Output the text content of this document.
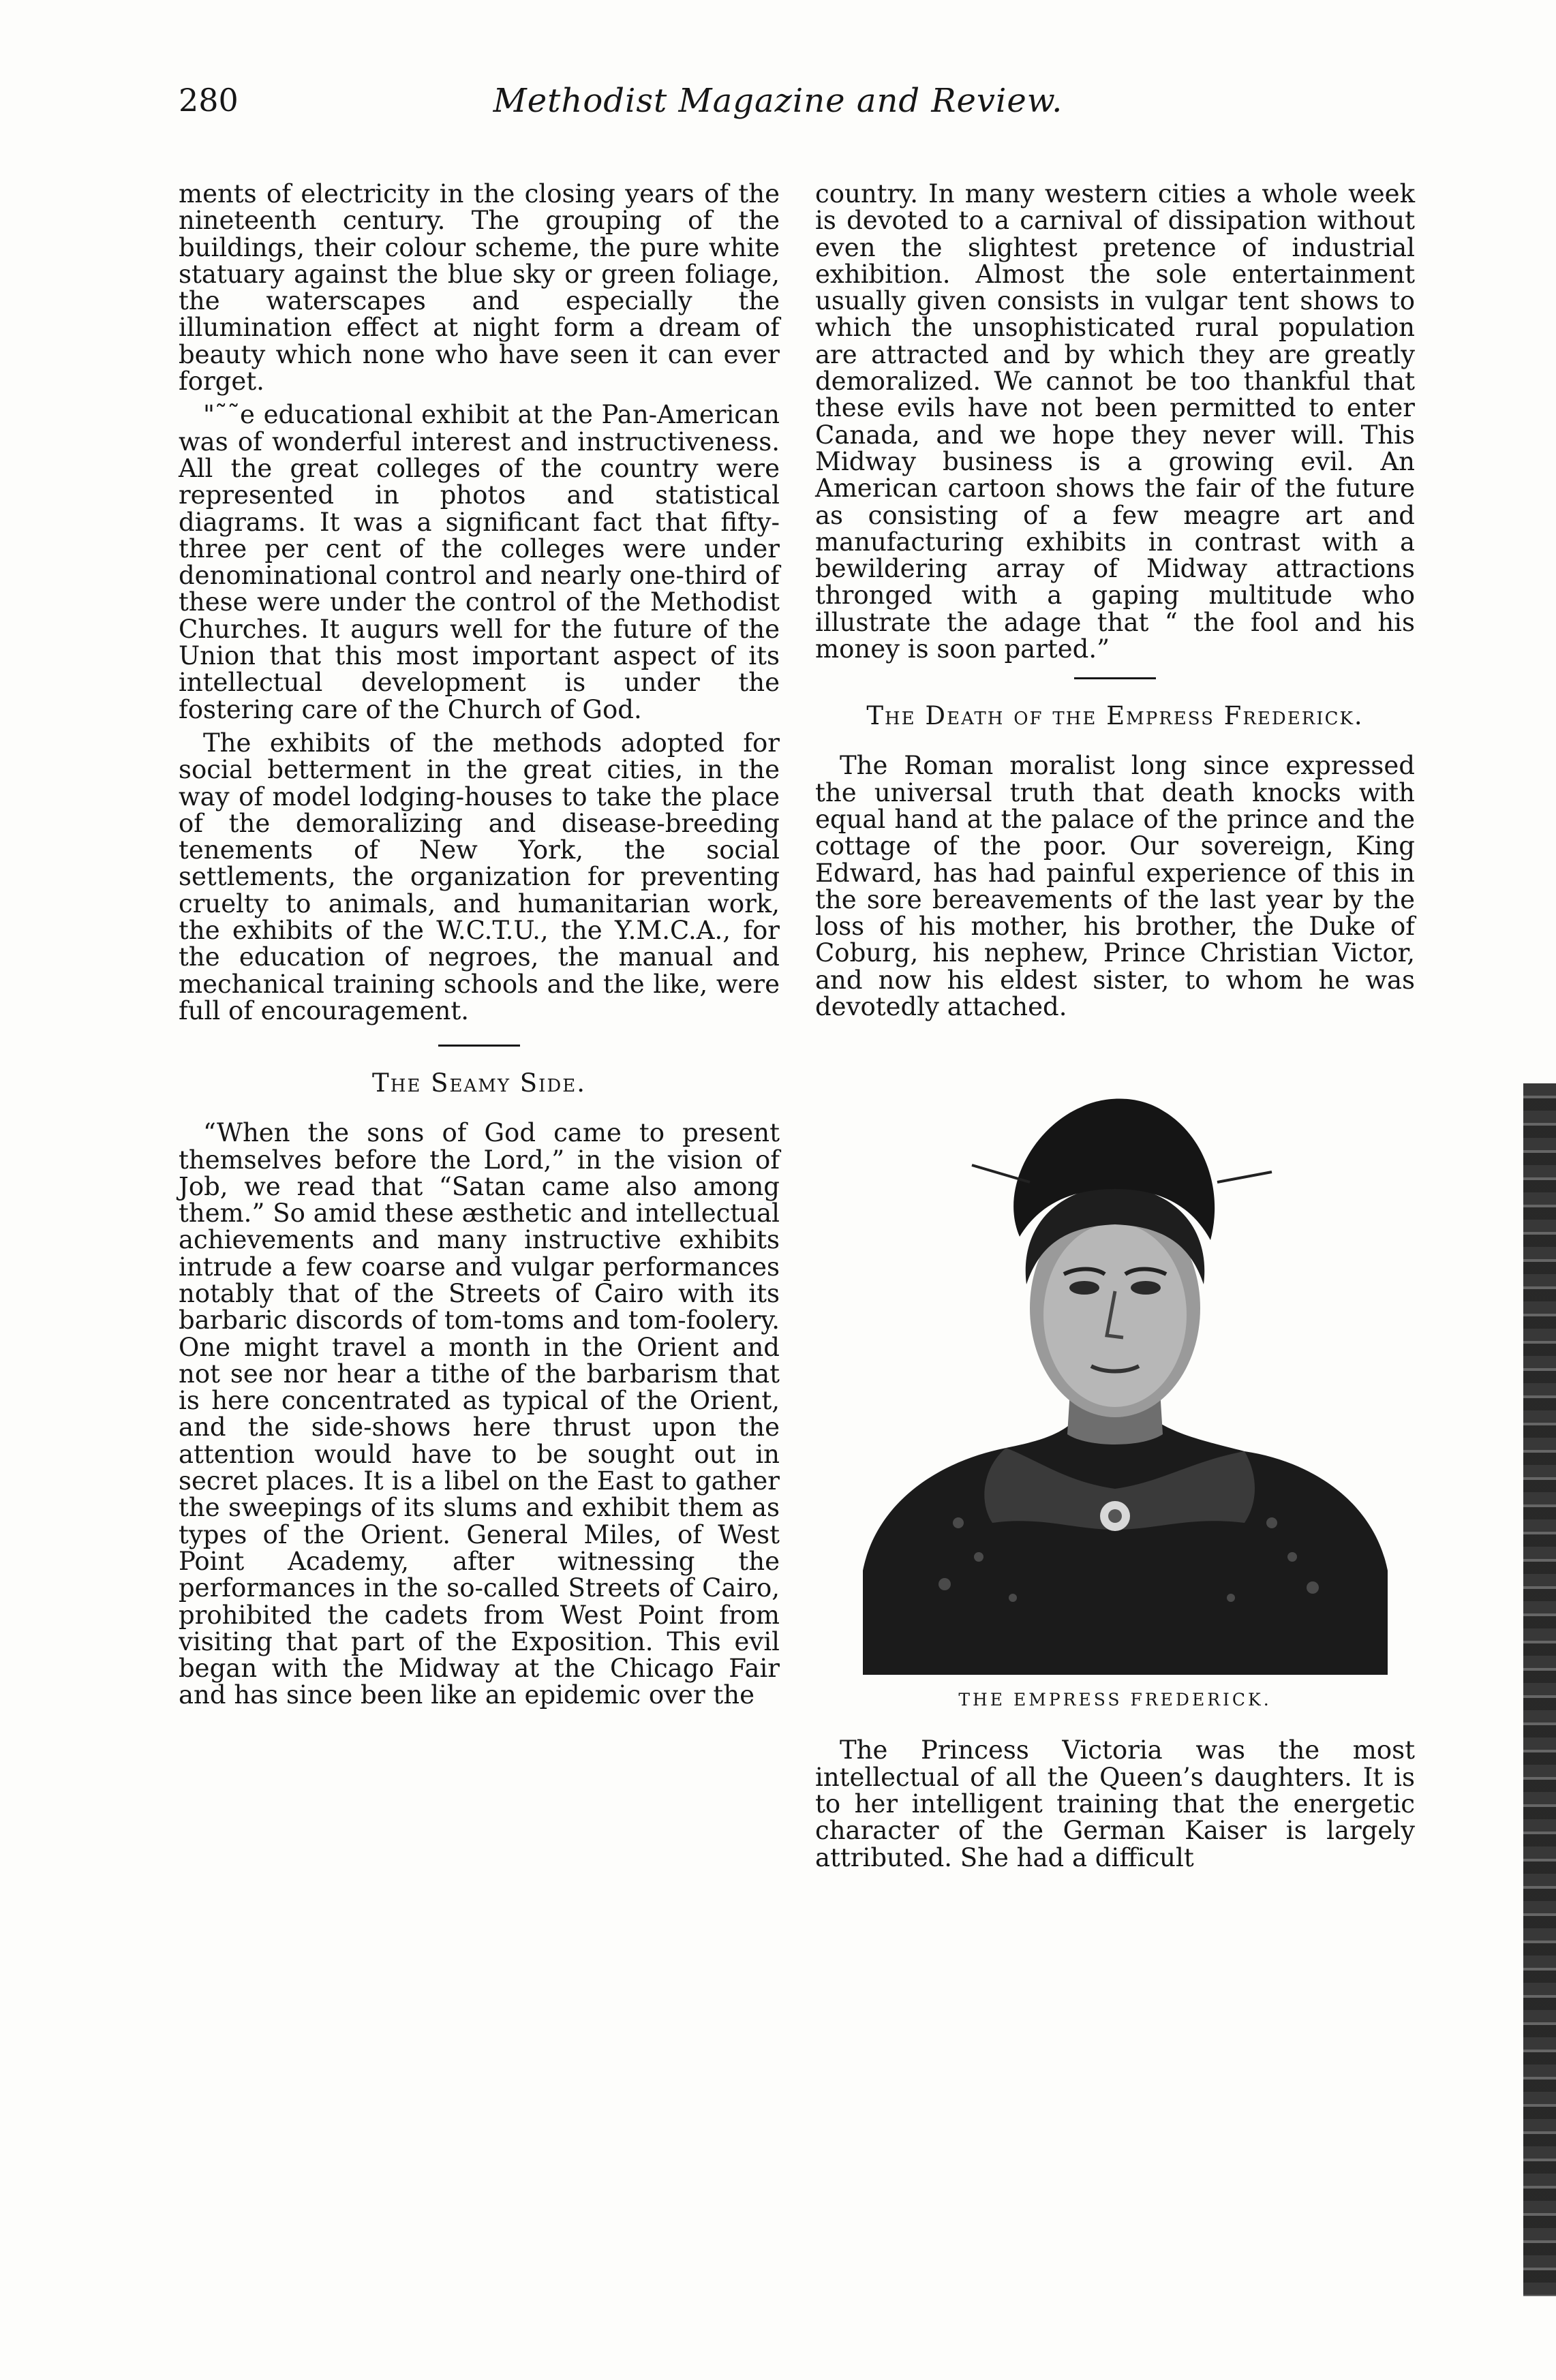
280	Methodist Magazine and Review.

ments of electricity in the closing years of the nineteenth century. The grouping of the buildings, their colour scheme, the pure white statuary against the blue sky or green foliage, the waterscapes and especially the illumination effect at night form a dream of beauty which none who have seen it can ever forget.

"˜˜e educational exhibit at the Pan-American was of wonderful interest and instructiveness. All the great colleges of the country were represented in photos and statistical diagrams. It was a significant fact that fifty-three per cent of the colleges were under denominational control and nearly one-third of these were under the control of the Methodist Churches. It augurs well for the future of the Union that this most important aspect of its intellectual development is under the fostering care of the Church of God.

The exhibits of the methods adopted for social betterment in the great cities, in the way of model lodging-houses to take the place of the demoralizing and disease-breeding tenements of New York, the social settlements, the organization for preventing cruelty to animals, and humanitarian work, the exhibits of the W.C.T.U., the Y.M.C.A., for the education of negroes, the manual and mechanical training schools and the like, were full of encouragement.

The Seamy Side.

“When the sons of God came to present themselves before the Lord,” in the vision of Job, we read that “Satan came also among them.” So amid these æsthetic and intellectual achievements and many instructive exhibits intrude a few coarse and vulgar performances notably that of the Streets of Cairo with its barbaric discords of tom-toms and tom-foolery. One might travel a month in the Orient and not see nor hear a tithe of the barbarism that is here concentrated as typical of the Orient, and the side-shows here thrust upon the attention would have to be sought out in secret places. It is a libel on the East to gather the sweepings of its slums and exhibit them as types of the Orient. General Miles, of West Point Academy, after witnessing the performances in the so-called Streets of Cairo, prohibited the cadets from West Point from visiting that part of the Exposition. This evil began with the Midway at the Chicago Fair and has since been like an epidemic over the

country. In many western cities a whole week is devoted to a carnival of dissipation without even the slightest pretence of industrial exhibition. Almost the sole entertainment usually given consists in vulgar tent shows to which the unsophisticated rural population are attracted and by which they are greatly demoralized. We cannot be too thankful that these evils have not been permitted to enter Canada, and we hope they never will. This Midway business is a growing evil. An American cartoon shows the fair of the future as consisting of a few meagre art and manufacturing exhibits in contrast with a bewildering array of Midway attractions thronged with a gaping multitude who illustrate the adage that “ the fool and his money is soon parted.”

The Death of the Empress Frederick.

The Roman moralist long since expressed the universal truth that death knocks with equal hand at the palace of the prince and the cottage of the poor. Our sovereign, King Edward, has had painful experience of this in the sore bereavements of the last year by the loss of his mother, his brother, the Duke of Coburg, his nephew, Prince Christian Victor, and now his eldest sister, to whom he was devotedly attached.

THE EMPRESS FREDERICK.

The Princess Victoria was the most intellectual of all the Queen’s daughters. It is to her intelligent training that the energetic character of the German Kaiser is largely attributed. She had a difficult
